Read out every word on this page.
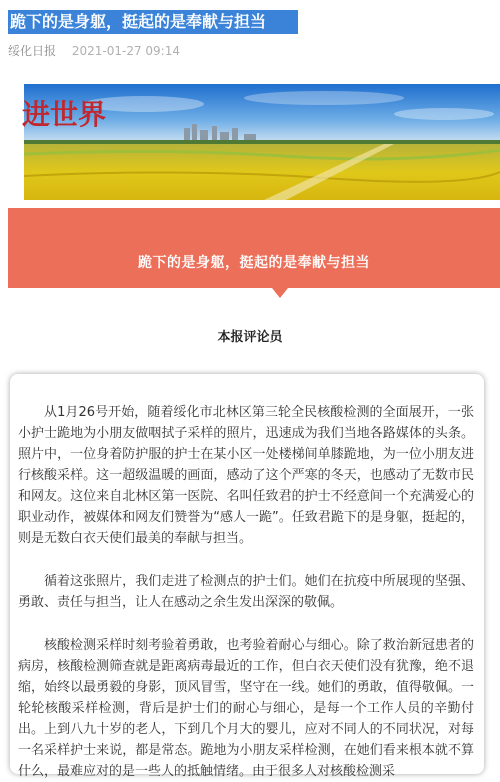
跪下的是身躯，挺起的是奉献与担当
绥化日报 2021-01-27 09:14
进世界
跪下的是身躯，挺起的是奉献与担当
本报评论员

从1月26号开始，随着绥化市北林区第三轮全民核酸检测的全面展开，一张小护士跪地为小朋友做咽拭子采样的照片，迅速成为我们当地各路媒体的头条。照片中，一位身着防护服的护士在某小区一处楼梯间单膝跪地，为一位小朋友进行核酸采样。这一超级温暖的画面，感动了这个严寒的冬天，也感动了无数市民和网友。这位来自北林区第一医院、名叫任致君的护士不经意间一个充满爱心的职业动作，被媒体和网友们赞誉为“感人一跪”。任致君跪下的是身躯，挺起的，则是无数白衣天使们最美的奉献与担当。

循着这张照片，我们走进了检测点的护士们。她们在抗疫中所展现的坚强、勇敢、责任与担当，让人在感动之余生发出深深的敬佩。

核酸检测采样时刻考验着勇敢，也考验着耐心与细心。除了救治新冠患者的病房，核酸检测筛查就是距离病毒最近的工作，但白衣天使们没有犹豫，绝不退缩，始终以最勇毅的身影，顶风冒雪，坚守在一线。她们的勇敢，值得敬佩。一轮轮核酸采样检测，背后是护士们的耐心与细心，是每一个工作人员的辛勤付出。上到八九十岁的老人，下到几个月大的婴儿，应对不同人的不同状况，对每一名采样护士来说，都是常态。跪地为小朋友采样检测，在她们看来根本就不算什么，最难应对的是一些人的抵触情绪。由于很多人对核酸检测采
